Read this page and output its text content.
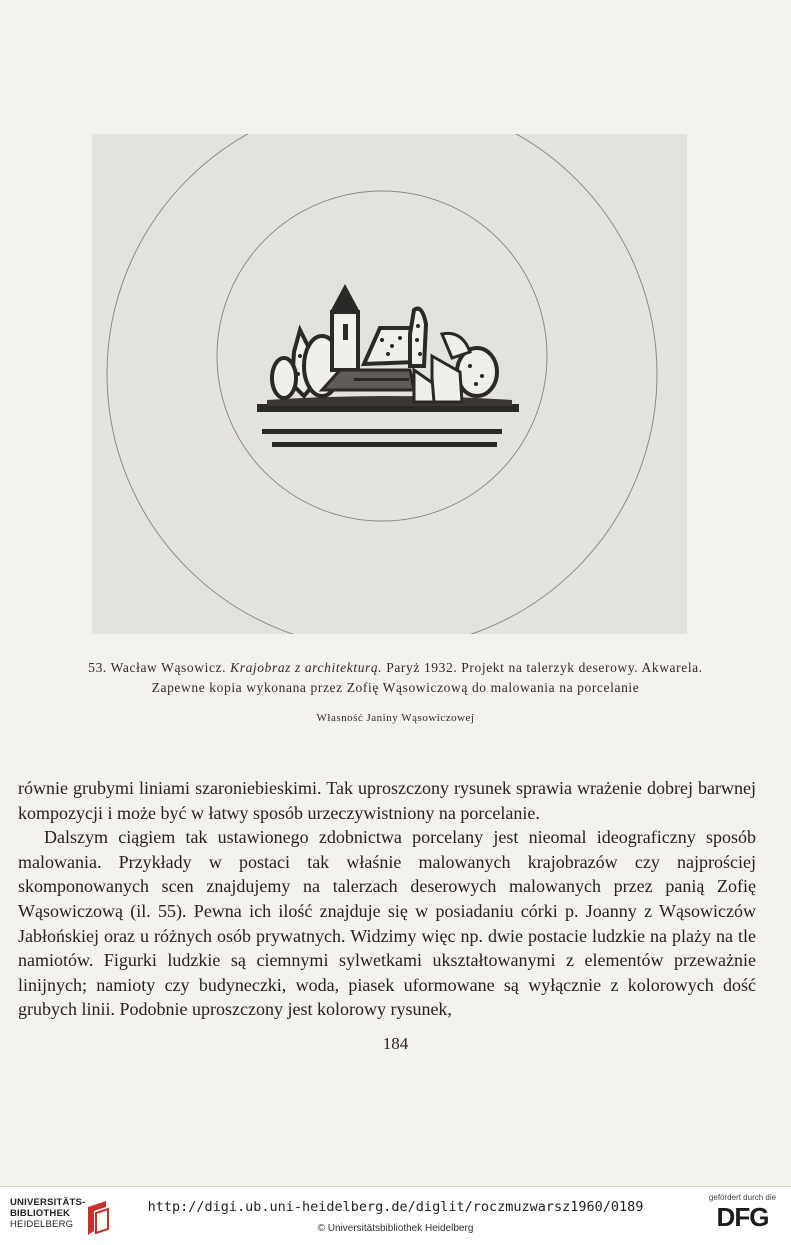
53. Wacław Wąsowicz. Krajobraz z architekturą. Paryż 1932. Projekt na talerzyk deserowy. Akwarela.
Zapewne kopia wykonana przez Zofię Wąsowiczową do malowania na porcelanie
Własność Janiny Wąsowiczowej

równie grubymi liniami szaroniebieskimi. Tak uproszczony rysunek sprawia wrażenie dobrej barwnej kompozycji i może być w łatwy sposób urzeczywistniony na porcelanie.

Dalszym ciągiem tak ustawionego zdobnictwa porcelany jest nieomal ideograficzny sposób malowania. Przykłady w postaci tak właśnie malowanych krajobrazów czy najprościej skomponowanych scen znajdujemy na talerzach deserowych malowanych przez panią Zofię Wąsowiczową (il. 55). Pewna ich ilość znajduje się w posiadaniu córki p. Joanny z Wąsowiczów Jabłońskiej oraz u różnych osób prywatnych. Widzimy więc np. dwie postacie ludzkie na plaży na tle namiotów. Figurki ludzkie są ciemnymi sylwetkami ukształtowanymi z elementów przeważnie linijnych; namioty czy budyneczki, woda, piasek uformowane są wyłącznie z kolorowych dość grubych linii. Podobnie uproszczony jest kolorowy rysunek,

184
UNIVERSITÄTS-
BIBLIOTHEK
HEIDELBERG
http://digi.ub.uni-heidelberg.de/diglit/roczmuzwarsz1960/0189
© Universitätsbibliothek Heidelberg
gefördert durch die
DFG
